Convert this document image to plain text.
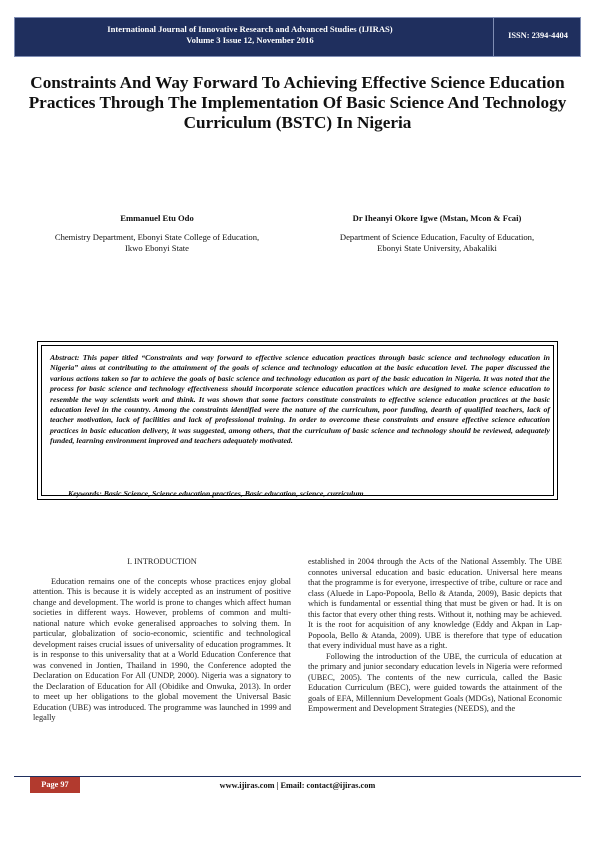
International Journal of Innovative Research and Advanced Studies (IJIRAS)
Volume 3 Issue 12, November 2016	ISSN: 2394-4404
Constraints And Way Forward To Achieving Effective Science Education Practices Through The Implementation Of Basic Science And Technology Curriculum (BSTC) In Nigeria
Emmanuel Etu Odo
Chemistry Department, Ebonyi State College of Education,
Ikwo Ebonyi State
Dr Iheanyi Okore Igwe (Mstan, Mcon & Fcai)
Department of Science Education, Faculty of Education,
Ebonyi State University, Abakaliki
Abstract: This paper titled “Constraints and way forward to effective science education practices through basic science and technology education in Nigeria” aims at contributing to the attainment of the goals of science and technology education at the basic education level. The paper discussed the various actions taken so far to achieve the goals of basic science and technology education as part of the basic education in Nigeria. It was noted that the process for basic science and technology effectiveness should incorporate science education practices which are designed to make science education to resemble the way scientists work and think. It was shown that some factors constitute constraints to effective science education practices at the basic education level in the country. Among the constraints identified were the nature of the curriculum, poor funding, dearth of qualified teachers, lack of teacher motivation, lack of facilities and lack of professional training. In order to overcome these constraints and ensure effective science education practices in basic education delivery, it was suggested, among others, that the curriculum of basic science and technology should be reviewed, adequately funded, learning environment improved and teachers adequately motivated.
Keywords: Basic Science, Science education practices, Basic education, science, curriculum
I. INTRODUCTION

Education remains one of the concepts whose practices enjoy global attention. This is because it is widely accepted as an instrument of positive change and development. The world is prone to changes which affect human societies in different ways. However, problems of common and multi-national nature which evoke generalised approaches to solving them. In particular, globalization of socio-economic, scientific and technological development raises crucial issues of universality of education programmes. It is in response to this universality that at a World Education Conference that was convened in Jontien, Thailand in 1990, the Conference adopted the Declaration on Education For All (UNDP, 2000). Nigeria was a signatory to the Declaration of Education for All (Obidike and Onwuka, 2013). In order to meet up her obligations to the global movement the Universal Basic Education (UBE) was introduced. The programme was launched in 1999 and legally

established in 2004 through the Acts of the National Assembly. The UBE connotes universal education and basic education. Universal here means that the programme is for everyone, irrespective of tribe, culture or race and class (Aluede in Lapo-Popoola, Bello & Atanda, 2009), Basic depicts that which is fundamental or essential thing that must be given or had. It is on this factor that every other thing rests. Without it, nothing may be achieved. It is the root for acquisition of any knowledge (Eddy and Akpan in Lap-Popoola, Bello & Atanda, 2009). UBE is therefore that type of education that every individual must have as a right.

Following the introduction of the UBE, the curricula of education at the primary and junior secondary education levels in Nigeria were reformed (UBEC, 2005). The contents of the new curricula, called the Basic Education Curriculum (BEC), were guided towards the attainment of the goals of EFA, Millennium Development Goals (MDGs), National Economic Empowerment and Development Strategies (NEEDS), and the

Page 97	www.ijiras.com | Email: contact@ijiras.com
